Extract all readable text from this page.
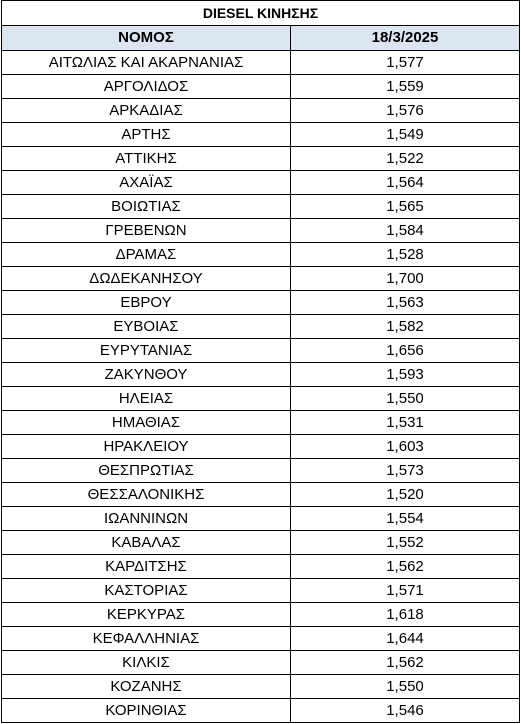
DIESEL ΚΙΝΗΣΗΣ	
ΝΟΜΟΣ	18/3/2025
ΑΙΤΩΛΙΑΣ ΚΑΙ ΑΚΑΡΝΑΝΙΑΣ	1,577
ΑΡΓΟΛΙΔΟΣ	1,559
ΑΡΚΑΔΙΑΣ	1,576
ΑΡΤΗΣ	1,549
ΑΤΤΙΚΗΣ	1,522
ΑΧΑΪΑΣ	1,564
ΒΟΙΩΤΙΑΣ	1,565
ΓΡΕΒΕΝΩΝ	1,584
ΔΡΑΜΑΣ	1,528
ΔΩΔΕΚΑΝΗΣΟΥ	1,700
ΕΒΡΟΥ	1,563
ΕΥΒΟΙΑΣ	1,582
ΕΥΡΥΤΑΝΙΑΣ	1,656
ΖΑΚΥΝΘΟΥ	1,593
ΗΛΕΙΑΣ	1,550
ΗΜΑΘΙΑΣ	1,531
ΗΡΑΚΛΕΙΟΥ	1,603
ΘΕΣΠΡΩΤΙΑΣ	1,573
ΘΕΣΣΑΛΟΝΙΚΗΣ	1,520
ΙΩΑΝΝΙΝΩΝ	1,554
ΚΑΒΑΛΑΣ	1,552
ΚΑΡΔΙΤΣΗΣ	1,562
ΚΑΣΤΟΡΙΑΣ	1,571
ΚΕΡΚΥΡΑΣ	1,618
ΚΕΦΑΛΛΗΝΙΑΣ	1,644
ΚΙΛΚΙΣ	1,562
ΚΟΖΑΝΗΣ	1,550
ΚΟΡΙΝΘΙΑΣ	1,546
